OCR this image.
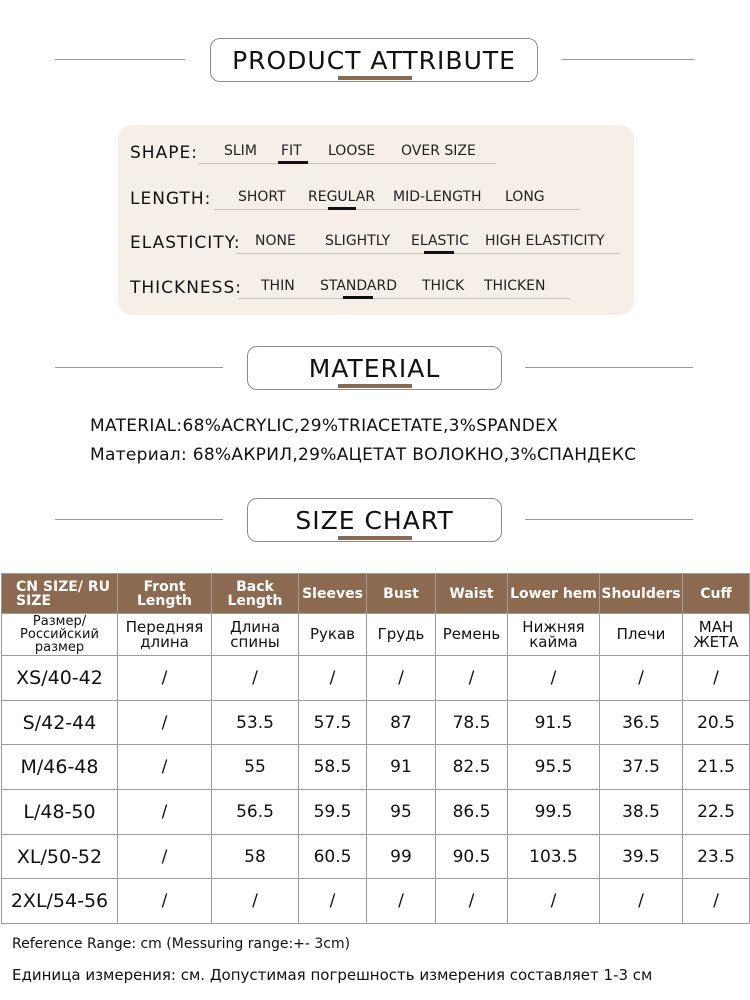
PRODUCT ATTRIBUTE
SHAPE: SLIM FIT LOOSE OVER SIZE
LENGTH: SHORT REGULAR MID-LENGTH LONG
ELASTICITY: NONE SLIGHTLY ELASTIC HIGH ELASTICITY
THICKNESS: THIN STANDARD THICK THICKEN
MATERIAL
MATERIAL:68%ACRYLIC,29%TRIACETATE,3%SPANDEX
Материал: 68%АКРИЛ,29%АЦЕТАТ ВОЛОКНО,3%СПАНДЕКС
SIZE CHART
CN SIZE/ RU SIZE	Front Length	Back Length	Sleeves	Bust	Waist	Lower hem	Shoulders	Cuff
Размер/ Российский размер	Передняя длина	Длина спины	Рукав	Грудь	Ремень	Нижняя кайма	Плечи	МАН ЖЕТА
XS/40-42	/	/	/	/	/	/	/	/
S/42-44	/	53.5	57.5	87	78.5	91.5	36.5	20.5
M/46-48	/	55	58.5	91	82.5	95.5	37.5	21.5
L/48-50	/	56.5	59.5	95	86.5	99.5	38.5	22.5
XL/50-52	/	58	60.5	99	90.5	103.5	39.5	23.5
2XL/54-56	/	/	/	/	/	/	/	/
Reference Range: cm (Messuring range:+- 3cm)
Единица измерения: см. Допустимая погрешность измерения составляет 1-3 см
